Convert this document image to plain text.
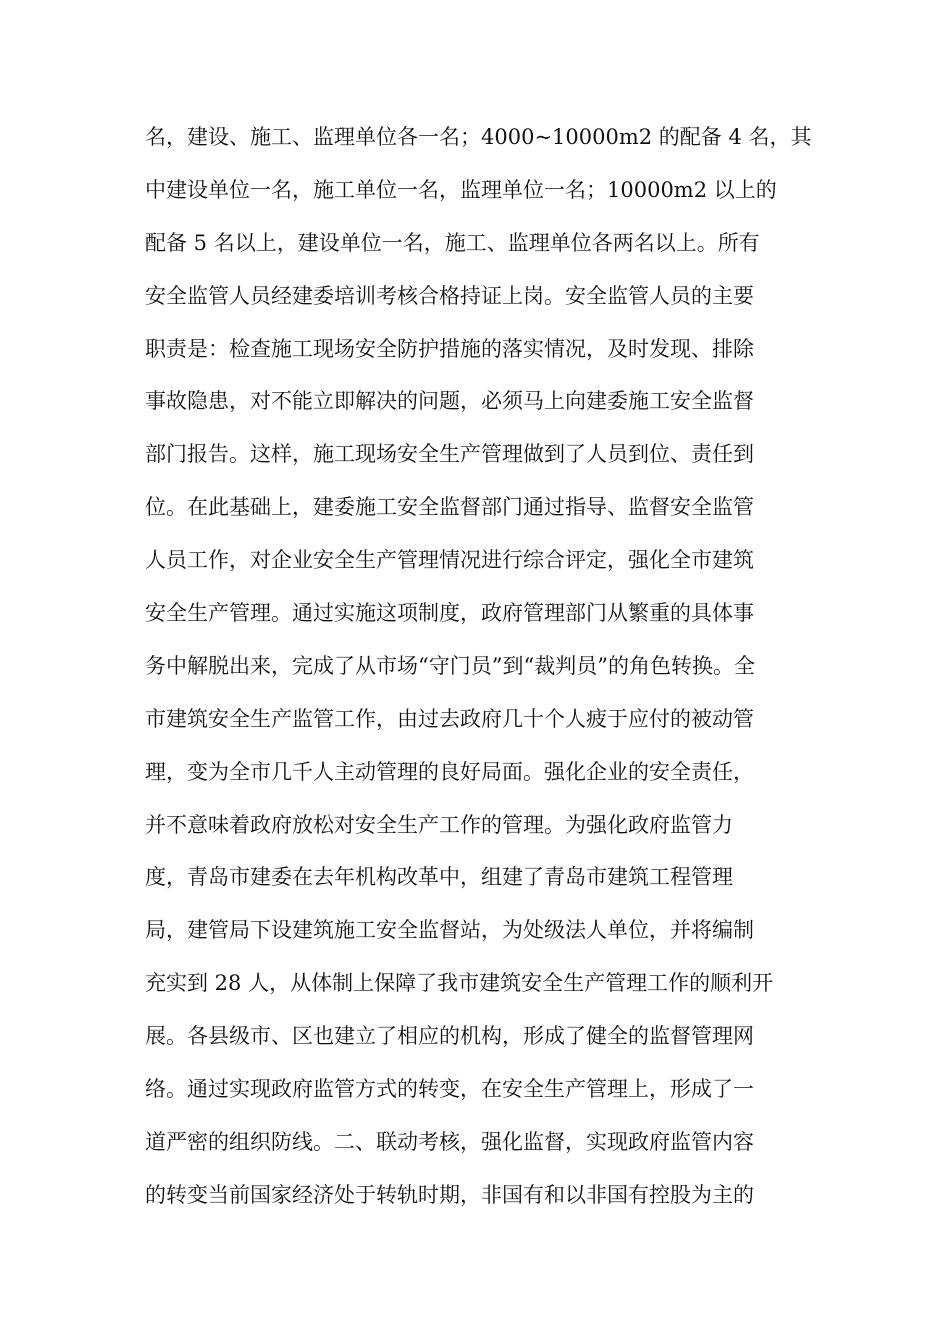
名，建设、施工、监理单位各一名；4000~10000m2 的配备 4 名，其
中建设单位一名，施工单位一名，监理单位一名；10000m2 以上的
配备 5 名以上，建设单位一名，施工、监理单位各两名以上。所有
安全监管人员经建委培训考核合格持证上岗。安全监管人员的主要
职责是：检查施工现场安全防护措施的落实情况，及时发现、排除
事故隐患，对不能立即解决的问题，必须马上向建委施工安全监督
部门报告。这样，施工现场安全生产管理做到了人员到位、责任到
位。在此基础上，建委施工安全监督部门通过指导、监督安全监管
人员工作，对企业安全生产管理情况进行综合评定，强化全市建筑
安全生产管理。通过实施这项制度，政府管理部门从繁重的具体事
务中解脱出来，完成了从市场“守门员”到“裁判员”的角色转换。全
市建筑安全生产监管工作，由过去政府几十个人疲于应付的被动管
理，变为全市几千人主动管理的良好局面。强化企业的安全责任，
并不意味着政府放松对安全生产工作的管理。为强化政府监管力
度，青岛市建委在去年机构改革中，组建了青岛市建筑工程管理
局，建管局下设建筑施工安全监督站，为处级法人单位，并将编制
充实到 28 人，从体制上保障了我市建筑安全生产管理工作的顺利开
展。各县级市、区也建立了相应的机构，形成了健全的监督管理网
络。通过实现政府监管方式的转变，在安全生产管理上，形成了一
道严密的组织防线。二、联动考核，强化监督，实现政府监管内容
的转变当前国家经济处于转轨时期，非国有和以非国有控股为主的
